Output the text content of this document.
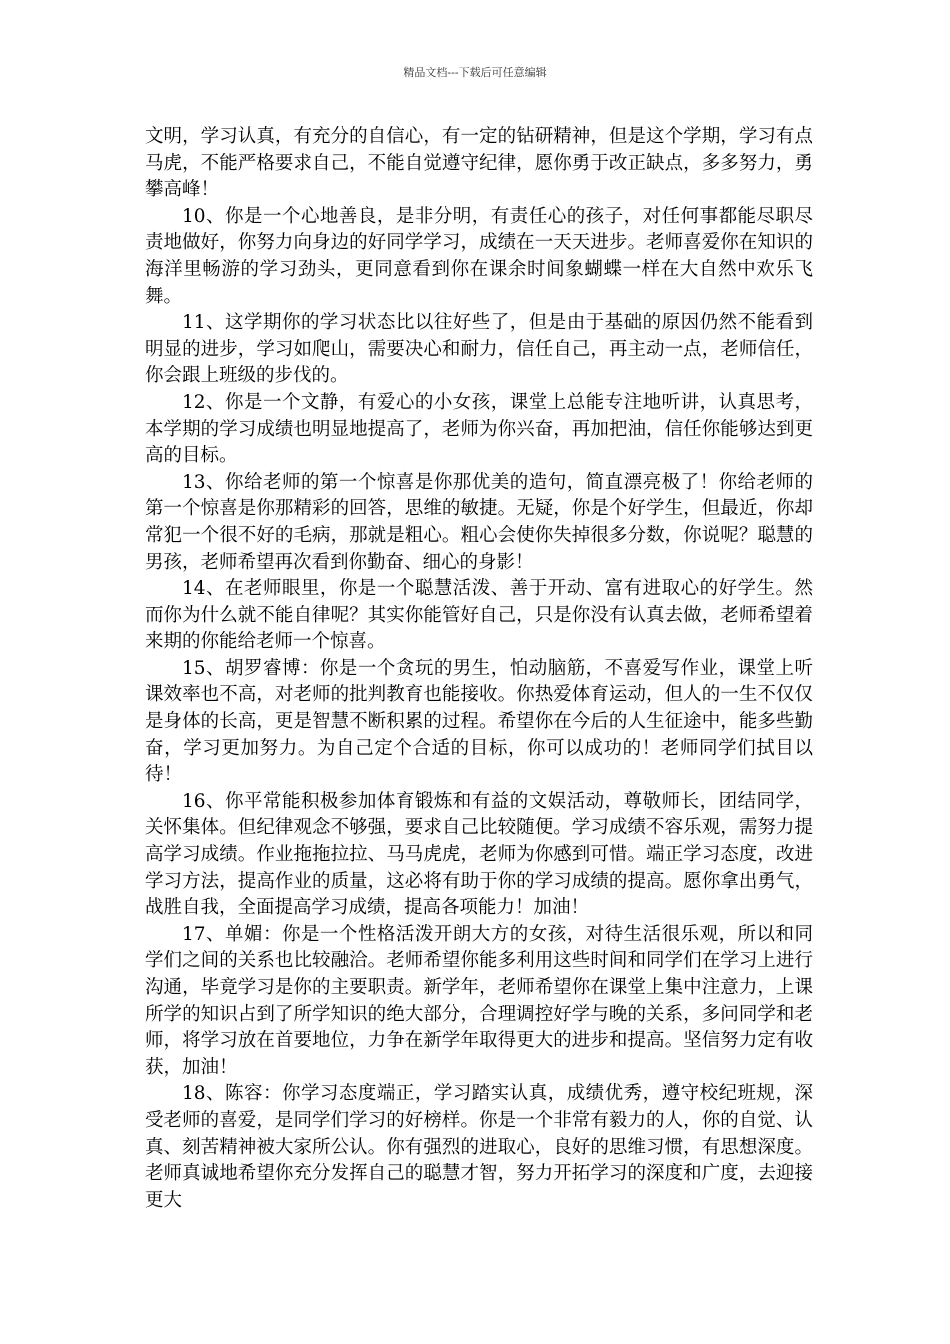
精品文档---下载后可任意编辑

文明，学习认真，有充分的自信心，有一定的钻研精神，但是这个学期，学习有点马虎，不能严格要求自己，不能自觉遵守纪律，愿你勇于改正缺点，多多努力，勇攀高峰！

10、你是一个心地善良，是非分明，有责任心的孩子，对任何事都能尽职尽责地做好，你努力向身边的好同学学习，成绩在一天天进步。老师喜爱你在知识的海洋里畅游的学习劲头，更同意看到你在课余时间象蝴蝶一样在大自然中欢乐飞舞。

11、这学期你的学习状态比以往好些了，但是由于基础的原因仍然不能看到明显的进步，学习如爬山，需要决心和耐力，信任自己，再主动一点，老师信任，你会跟上班级的步伐的。

12、你是一个文静，有爱心的小女孩，课堂上总能专注地听讲，认真思考，本学期的学习成绩也明显地提高了，老师为你兴奋，再加把油，信任你能够达到更高的目标。

13、你给老师的第一个惊喜是你那优美的造句，简直漂亮极了！你给老师的第一个惊喜是你那精彩的回答，思维的敏捷。无疑，你是个好学生，但最近，你却常犯一个很不好的毛病，那就是粗心。粗心会使你失掉很多分数，你说呢？聪慧的男孩，老师希望再次看到你勤奋、细心的身影！

14、在老师眼里，你是一个聪慧活泼、善于开动、富有进取心的好学生。然而你为什么就不能自律呢？其实你能管好自己，只是你没有认真去做，老师希望着来期的你能给老师一个惊喜。

15、胡罗睿博：你是一个贪玩的男生，怕动脑筋，不喜爱写作业，课堂上听课效率也不高，对老师的批判教育也能接收。你热爱体育运动，但人的一生不仅仅是身体的长高，更是智慧不断积累的过程。希望你在今后的人生征途中，能多些勤奋，学习更加努力。为自己定个合适的目标，你可以成功的！老师同学们拭目以待！

16、你平常能积极参加体育锻炼和有益的文娱活动，尊敬师长，团结同学，关怀集体。但纪律观念不够强，要求自己比较随便。学习成绩不容乐观，需努力提高学习成绩。作业拖拖拉拉、马马虎虎，老师为你感到可惜。端正学习态度，改进学习方法，提高作业的质量，这必将有助于你的学习成绩的提高。愿你拿出勇气，战胜自我，全面提高学习成绩，提高各项能力！加油！

17、单媚：你是一个性格活泼开朗大方的女孩，对待生活很乐观，所以和同学们之间的关系也比较融洽。老师希望你能多利用这些时间和同学们在学习上进行沟通，毕竟学习是你的主要职责。新学年，老师希望你在课堂上集中注意力，上课所学的知识占到了所学知识的绝大部分，合理调控好学与晚的关系，多问同学和老师，将学习放在首要地位，力争在新学年取得更大的进步和提高。坚信努力定有收获，加油！

18、陈容：你学习态度端正，学习踏实认真，成绩优秀，遵守校纪班规，深受老师的喜爱，是同学们学习的好榜样。你是一个非常有毅力的人，你的自觉、认真、刻苦精神被大家所公认。你有强烈的进取心，良好的思维习惯，有思想深度。老师真诚地希望你充分发挥自己的聪慧才智，努力开拓学习的深度和广度，去迎接更大
